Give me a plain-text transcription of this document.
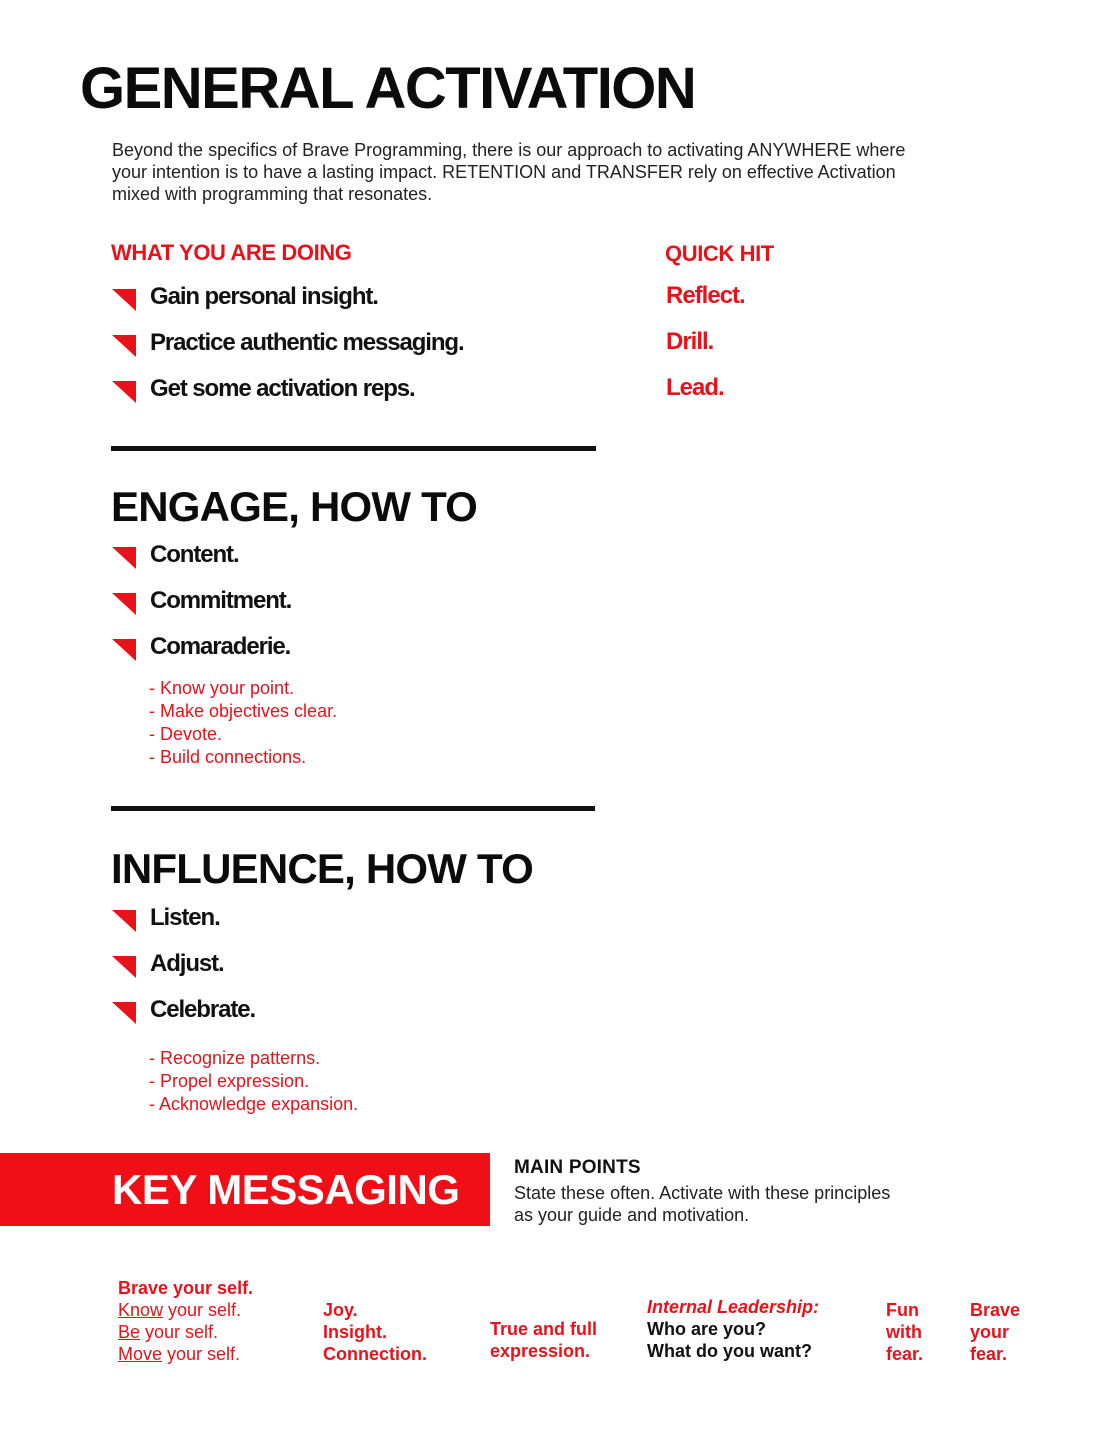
GENERAL ACTIVATION

Beyond the specifics of Brave Programming, there is our approach to activating ANYWHERE where your intention is to have a lasting impact. RETENTION and TRANSFER rely on effective Activation mixed with programming that resonates.

WHAT YOU ARE DOING
Gain personal insight.
Practice authentic messaging.
Get some activation reps.
QUICK HIT
Reflect.
Drill.
Lead.
ENGAGE, HOW TO
Content.
Commitment.
Comaraderie.
- Know your point.
- Make objectives clear.
- Devote.
- Build connections.
INFLUENCE, HOW TO
Listen.
Adjust.
Celebrate.
- Recognize patterns.
- Propel expression.
- Acknowledge expansion.
KEY MESSAGING	MAIN POINTS

State these often. Activate with these principles as your guide and motivation.

Brave your self.

Know your self.

Be your self.

Move your self.

Joy.

Insight.

Connection.

True and full

expression.

Internal Leadership:

Who are you?

What do you want?

Fun

with

fear.

Brave

your

fear.
